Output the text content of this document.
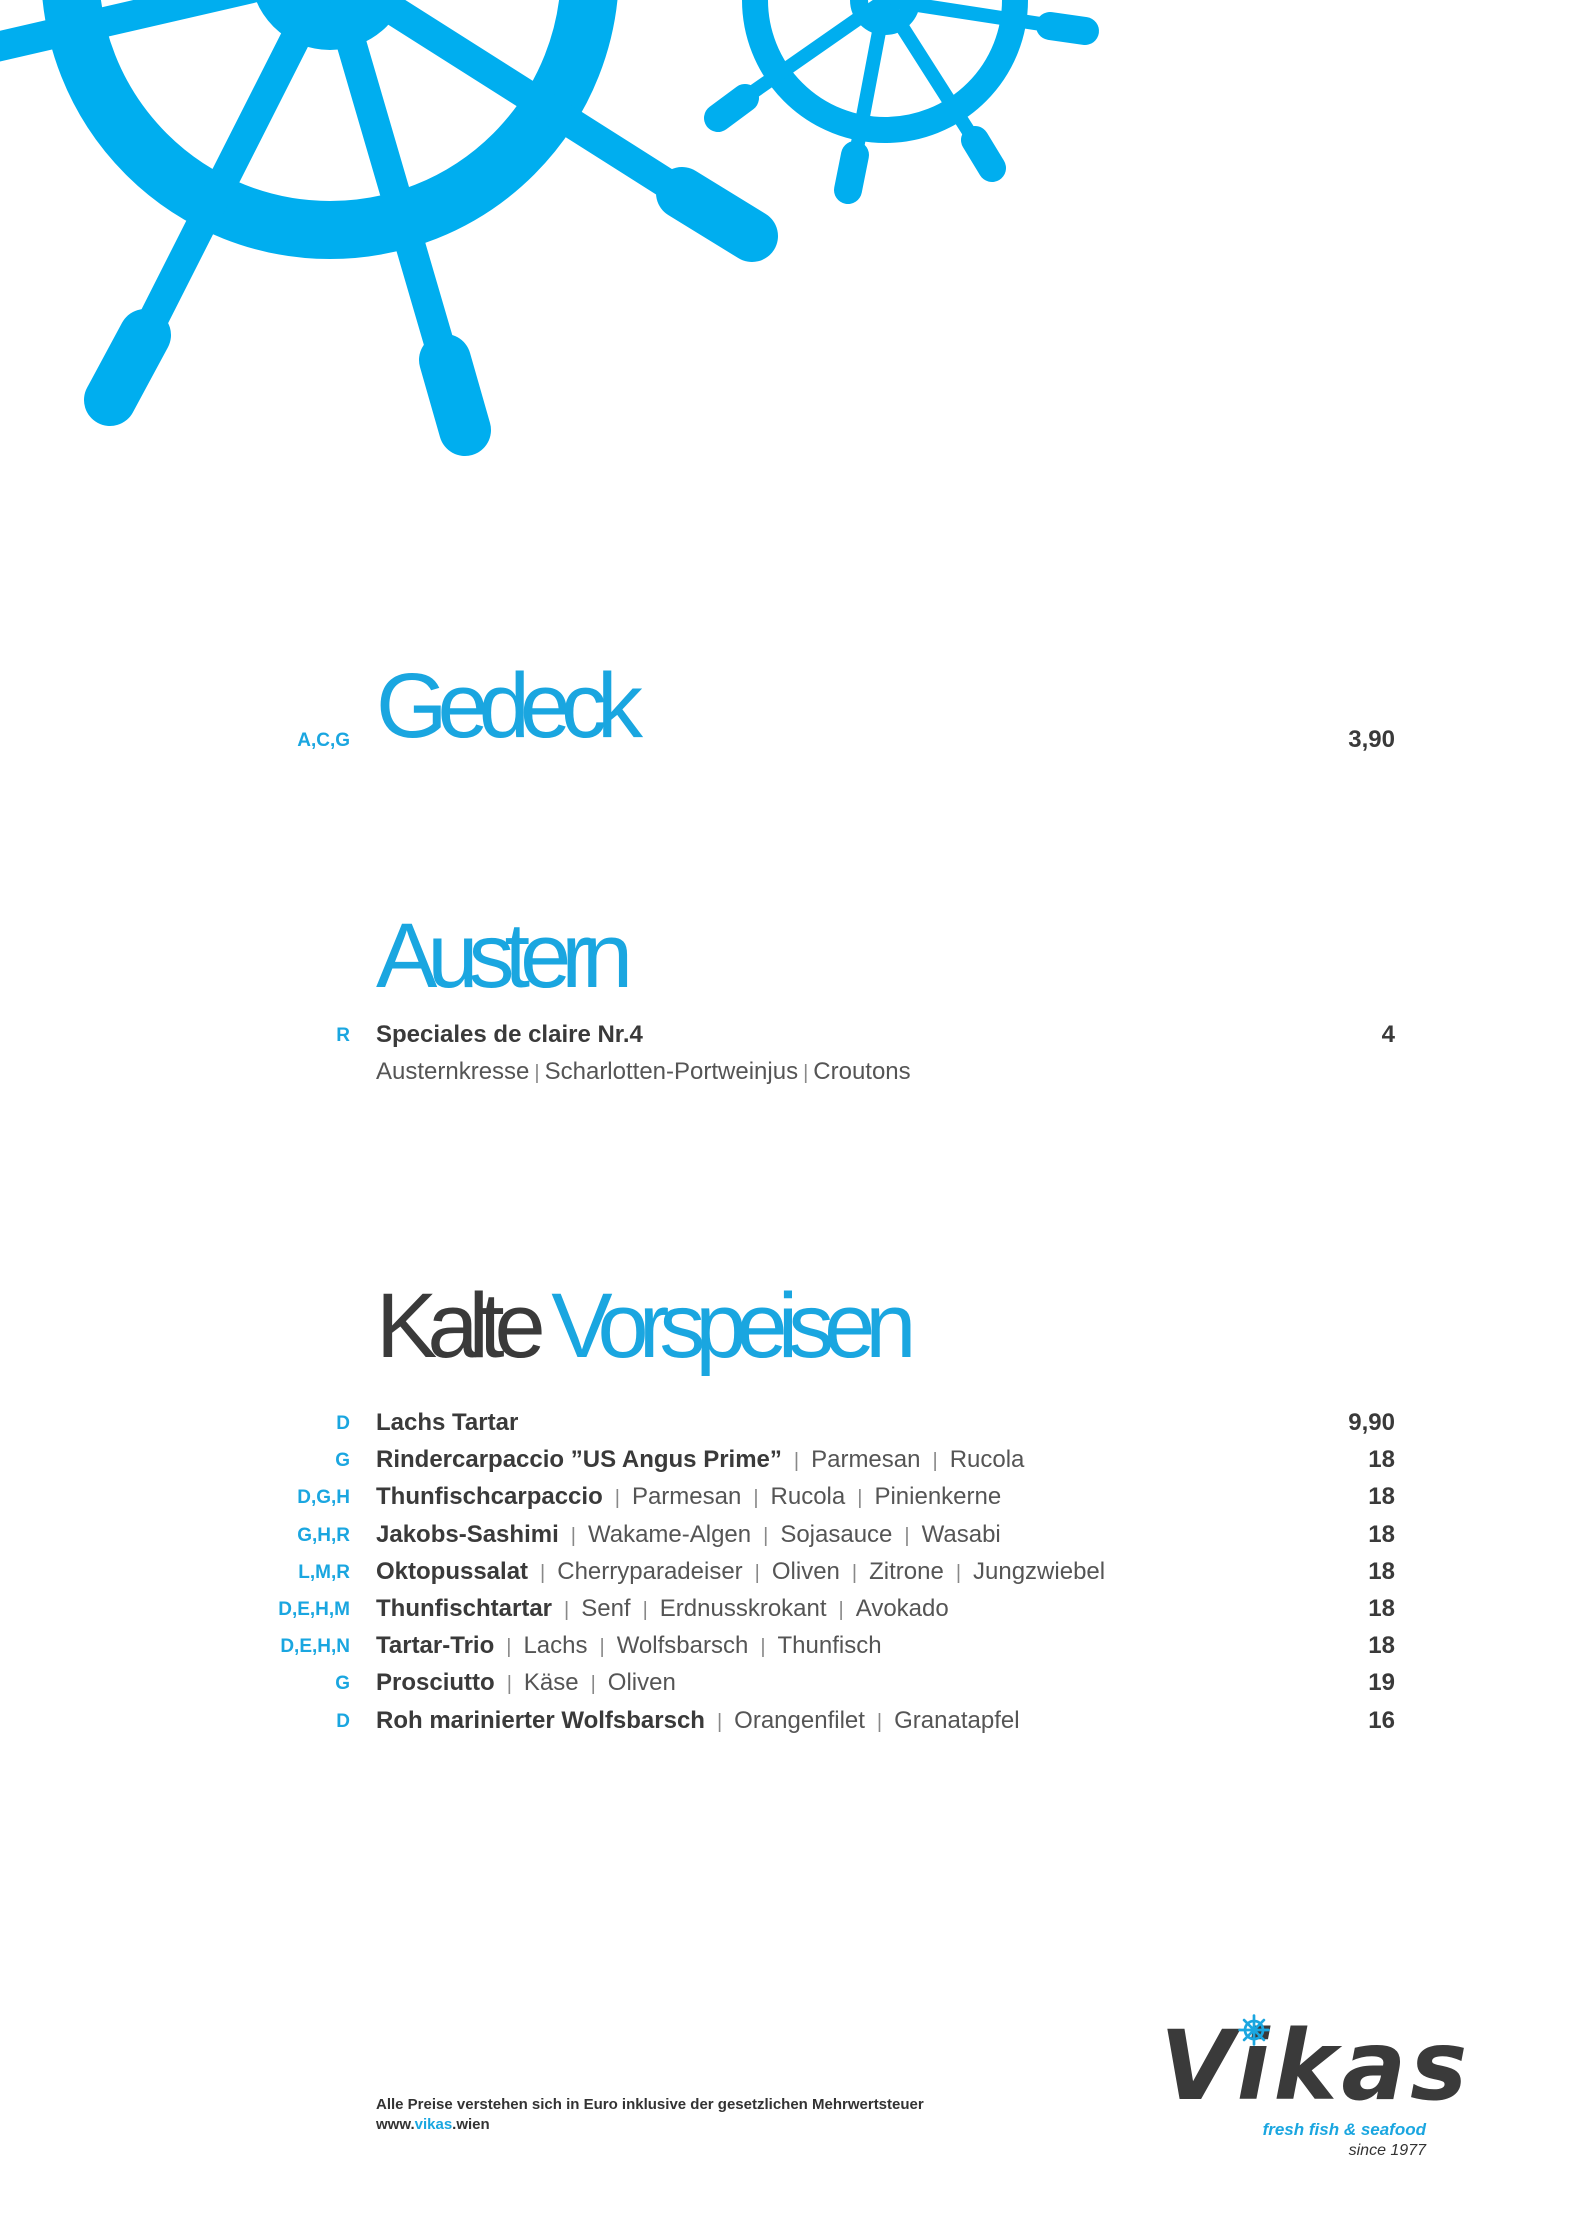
Gedeck
A,C,G	3,90
Austern
R Speciales de claire Nr.4	4
Austernkresse | Scharlotten-Portweinjus | Croutons
Kalte Vorspeisen
D Lachs Tartar	9,90
G Rindercarpaccio ”US Angus Prime” | Parmesan | Rucola	18
D,G,H Thunfischcarpaccio | Parmesan | Rucola | Pinienkerne	18
G,H,R Jakobs-Sashimi | Wakame-Algen | Sojasauce | Wasabi	18
L,M,R Oktopussalat | Cherryparadeiser | Oliven | Zitrone | Jungzwiebel	18
D,E,H,M Thunfischtartar | Senf | Erdnusskrokant | Avokado	18
D,E,H,N Tartar-Trio | Lachs | Wolfsbarsch | Thunfisch	18
G Prosciutto | Käse | Oliven	19
D Roh marinierter Wolfsbarsch | Orangenfilet | Granatapfel	16
Alle Preise verstehen sich in Euro inklusive der gesetzlichen Mehrwertsteuer
www.vikas.wien
Vikas
fresh fish & seafood
since 1977
